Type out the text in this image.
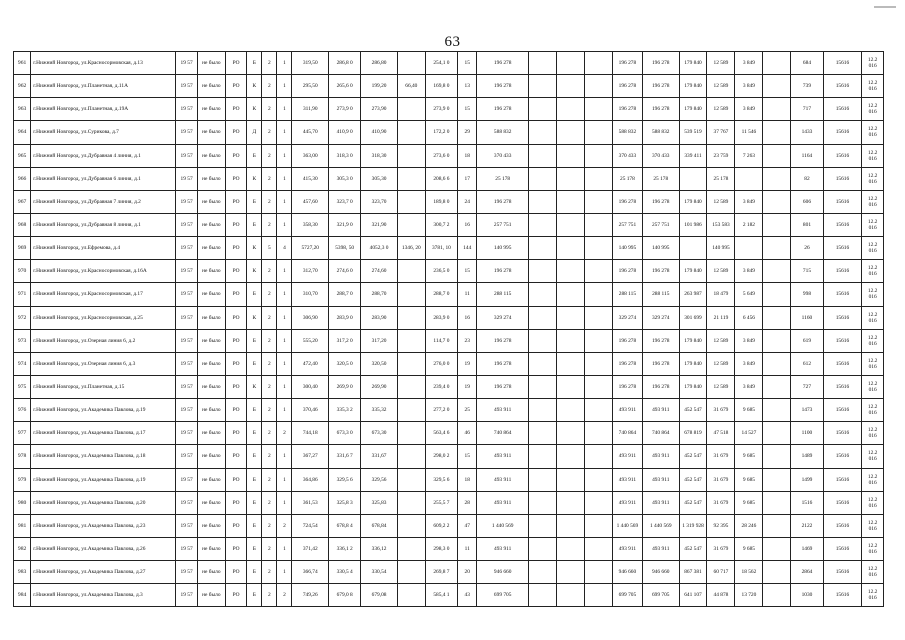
63
961	г.Нижний Новгород, ул.Красносормовская, д.13	19 57	не было	РО	Б	2	1	319,50	286,8 0	286,80		254,1 0	15	196 278				196 278	196 278	179 840	12 589	3 849		684	15616	12.2 016
962	г.Нижний Новгород, ул.Планетная, д.11А	19 57	не было	РО	К	2	1	295,50	265,6 0	199,20	66,40	169,8 0	13	196 278				196 278	196 278	179 840	12 589	3 849		739	15616	12.2 016
963	г.Нижний Новгород, ул.Планетная, д.19А	19 57	не было	РО	К	2	1	311,90	273,9 0	273,90		273,9 0	15	196 278				196 278	196 278	179 840	12 589	3 849		717	15616	12.2 016
964	г.Нижний Новгород, ул.Сурикова, д.7	19 57	не было	РО	Д	2	1	445,70	410,9 0	410,90		172,2 0	29	588 832				588 832	588 832	539 519	37 767	11 546		1433	15616	12.2 016
965	г.Нижний Новгород, ул.Дубравная 4 линия, д.1	19 57	не было	РО	Б	2	1	363,00	318,3 0	318,30		273,6 0	18	370 433				370 433	370 433	339 411	23 759	7 263		1164	15616	12.2 016
966	г.Нижний Новгород, ул.Дубравная 6 линия, д.1	19 57	не было	РО	К	2	1	415,30	305,3 0	305,30		208,6 6	17	25 178				25 178	25 178		25 178			82	15616	12.2 016
967	г.Нижний Новгород, ул.Дубравная 7 линия, д.2	19 57	не было	РО	Б	2	1	457,60	323,7 0	323,70		189,8 0	24	196 278				196 278	196 278	179 840	12 589	3 849		606	15616	12.2 016
968	г.Нижний Новгород, ул.Дубравная 8 линия, д.1	19 57	не было	РО	Б	2	1	358,30	321,9 0	321,90		300,7 2	16	257 751				257 751	257 751	101 986	153 583	2 182		801	15616	12.2 016
969	г.Нижний Новгород, ул.Ефремова, д.4	19 57	не было	РО	К	5	4	5727,20	5398, 50	4052,3 0	1346, 20	3781, 10	144	140 995				140 995	140 995		140 995			26	15616	12.2 016
970	г.Нижний Новгород, ул.Красносормовская, д.16А	19 57	не было	РО	К	2	1	312,70	274,6 0	274,60		236,5 0	15	196 278				196 278	196 278	179 840	12 589	3 849		715	15616	12.2 016
971	г.Нижний Новгород, ул.Красносормовская, д.17	19 57	не было	РО	Б	2	1	310,70	288,7 0	288,70		288,7 0	11	288 115				288 115	288 115	263 987	18 479	5 649		998	15616	12.2 016
972	г.Нижний Новгород, ул.Красносормовская, д.25	19 57	не было	РО	К	2	1	306,90	283,9 0	283,90		283,9 0	16	329 274				329 274	329 274	301 699	21 119	6 456		1160	15616	12.2 016
973	г.Нижний Новгород, ул.Озерная линия 6, д.2	19 57	не было	РО	Б	2	1	555,20	317,2 0	317,20		114,7 0	23	196 278				196 278	196 278	179 840	12 589	3 849		619	15616	12.2 016
974	г.Нижний Новгород, ул.Озерная линия 6, д.3	19 57	не было	РО	Б	2	1	472,40	320,5 0	320,50		276,0 0	19	196 278				196 278	196 278	179 840	12 589	3 849		612	15616	12.2 016
975	г.Нижний Новгород, ул.Планетная, д.15	19 57	не было	РО	К	2	1	300,40	269,9 0	269,90		239,4 0	19	196 278				196 278	196 278	179 840	12 589	3 849		727	15616	12.2 016
976	г.Нижний Новгород, ул.Академика Павлова, д.19	19 57	не было	РО	Б	2	1	370,46	335,3 2	335,32		277,2 0	25	493 911				493 911	493 911	452 547	31 679	9 685		1473	15616	12.2 016
977	г.Нижний Новгород, ул.Академика Павлова, д.17	19 57	не было	РО	Б	2	2	744,18	673,3 0	673,30		563,4 6	46	740 864				740 864	740 864	678 819	47 518	14 527		1100	15616	12.2 016
978	г.Нижний Новгород, ул.Академика Павлова, д.18	19 57	не было	РО	Б	2	1	367,27	331,6 7	331,67		298,0 2	15	493 911				493 911	493 911	452 547	31 679	9 685		1489	15616	12.2 016
979	г.Нижний Новгород, ул.Академика Павлова, д.19	19 57	не было	РО	Б	2	1	364,86	329,5 6	329,56		329,5 6	18	493 911				493 911	493 911	452 547	31 679	9 685		1499	15616	12.2 016
980	г.Нижний Новгород, ул.Академика Павлова, д.20	19 57	не было	РО	Б	2	1	361,53	325,8 3	325,83		255,5 7	28	493 911				493 911	493 911	452 547	31 679	9 685		1516	15616	12.2 016
981	г.Нижний Новгород, ул.Академика Павлова, д.23	19 57	не было	РО	Б	2	2	724,54	678,8 4	678,84		609,2 2	47	1 440 569				1 440 569	1 440 569	1 319 928	92 395	28 246		2122	15616	12.2 016
982	г.Нижний Новгород, ул.Академика Павлова, д.26	19 57	не было	РО	Б	2	1	371,42	336,1 2	336,12		298,3 0	11	493 911				493 911	493 911	452 547	31 679	9 685		1469	15616	12.2 016
983	г.Нижний Новгород, ул.Академика Павлова, д.27	19 57	не было	РО	Б	2	1	366,74	330,5 4	330,54		269,8 7	20	946 660				946 660	946 660	867 381	60 717	18 562		2864	15616	12.2 016
984	г.Нижний Новгород, ул.Академика Павлова, д.3	19 57	не было	РО	Б	2	2	749,26	679,0 8	679,08		585,4 1	43	699 705				699 705	699 705	641 107	44 878	13 720		1030	15616	12.2 016
